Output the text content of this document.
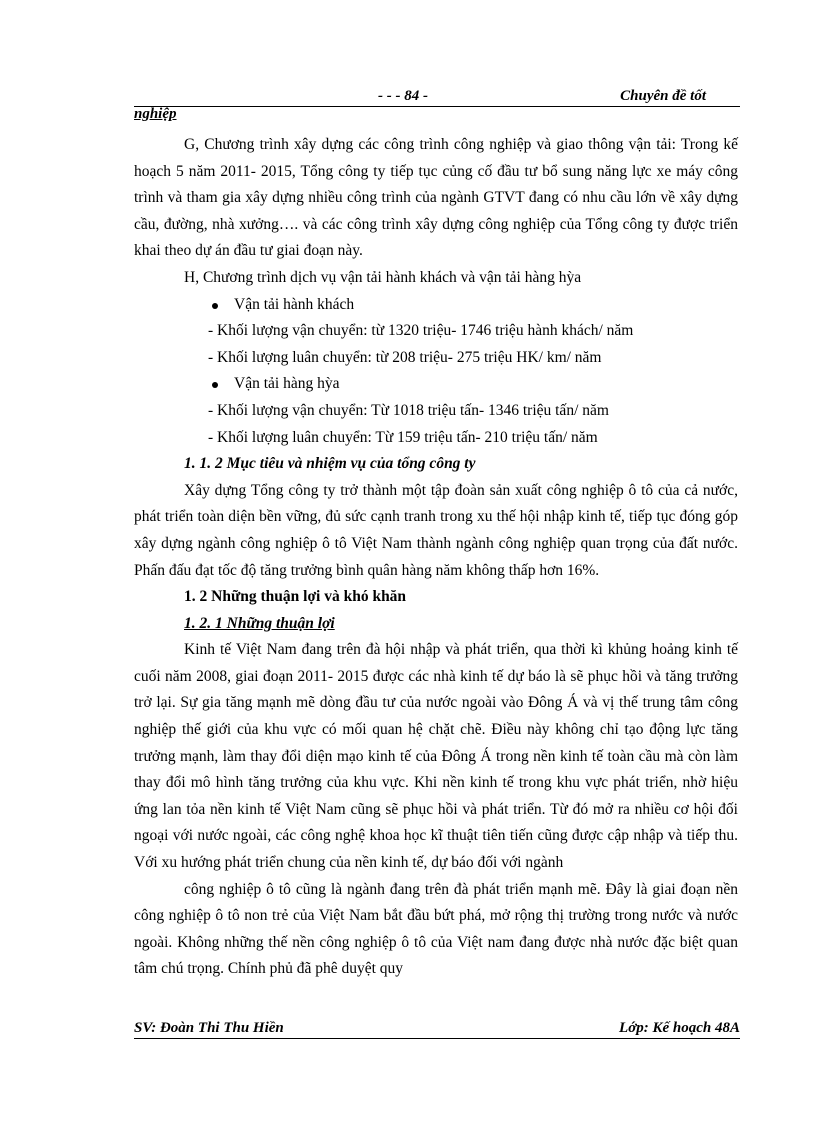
- - - 84 -	Chuyên đề tốt
nghiệp

G, Chương trình xây dựng các công trình công nghiệp và giao thông vận tải: Trong kế hoạch 5 năm 2011- 2015, Tổng công ty tiếp tục củng cố đầu tư bổ sung năng lực xe máy công trình và tham gia xây dựng nhiều công trình của ngành GTVT đang có nhu cầu lớn về xây dựng cầu, đường, nhà xưởng…. và các công trình xây dựng công nghiệp của Tổng công ty được triển khai theo dự án đầu tư giai đoạn này.

H, Chương trình dịch vụ vận tải hành khách và vận tải hàng hỳa

Vận tải hành khách

- Khối lượng vận chuyển: từ 1320 triệu- 1746 triệu hành khách/ năm

- Khối lượng luân chuyển: từ 208 triệu- 275 triệu HK/ km/ năm

Vận tải hàng hỳa

- Khối lượng vận chuyển: Từ 1018 triệu tấn- 1346 triệu tấn/ năm

- Khối lượng luân chuyển: Từ 159 triệu tấn- 210 triệu tấn/ năm

1. 1. 2 Mục tiêu và nhiệm vụ của tổng công ty

Xây dựng Tổng công ty trở thành một tập đoàn sản xuất công nghiệp ô tô của cả nước, phát triển toàn diện bền vững, đủ sức cạnh tranh trong xu thế hội nhập kinh tế, tiếp tục đóng góp xây dựng ngành công nghiệp ô tô Việt Nam thành ngành công nghiệp quan trọng của đất nước. Phấn đấu đạt tốc độ tăng trưởng bình quân hàng năm không thấp hơn 16%.

1. 2 Những thuận lợi và khó khăn

1. 2. 1 Những thuận lợi

Kinh tế Việt Nam đang trên đà hội nhập và phát triển, qua thời kì khủng hoảng kinh tế cuối năm 2008, giai đoạn 2011- 2015 được các nhà kinh tế dự báo là sẽ phục hồi và tăng trưởng trở lại. Sự gia tăng mạnh mẽ dòng đầu tư của nước ngoài vào Đông Á và vị thế trung tâm công nghiệp thế giới của khu vực có mối quan hệ chặt chẽ. Điều này không chỉ tạo động lực tăng trưởng mạnh, làm thay đổi diện mạo kinh tế của Đông Á trong nền kinh tế toàn cầu mà còn làm thay đổi mô hình tăng trưởng của khu vực. Khi nền kinh tế trong khu vực phát triển, nhờ hiệu ứng lan tỏa nền kinh tế Việt Nam cũng sẽ phục hồi và phát triển. Từ đó mở ra nhiều cơ hội đối ngoại với nước ngoài, các công nghệ khoa học kĩ thuật tiên tiến cũng được cập nhập và tiếp thu. Với xu hướng phát triển chung của nền kinh tế, dự báo đối với ngành

công nghiệp ô tô cũng là ngành đang trên đà phát triển mạnh mẽ. Đây là giai đoạn nền công nghiệp ô tô non trẻ của Việt Nam bắt đầu bứt phá, mở rộng thị trường trong nước và nước ngoài. Không những thế nền công nghiệp ô tô của Việt nam đang được nhà nước đặc biệt quan tâm chú trọng. Chính phủ đã phê duyệt quy

SV: Đoàn Thi Thu Hiền	Lớp: Kế hoạch 48A
